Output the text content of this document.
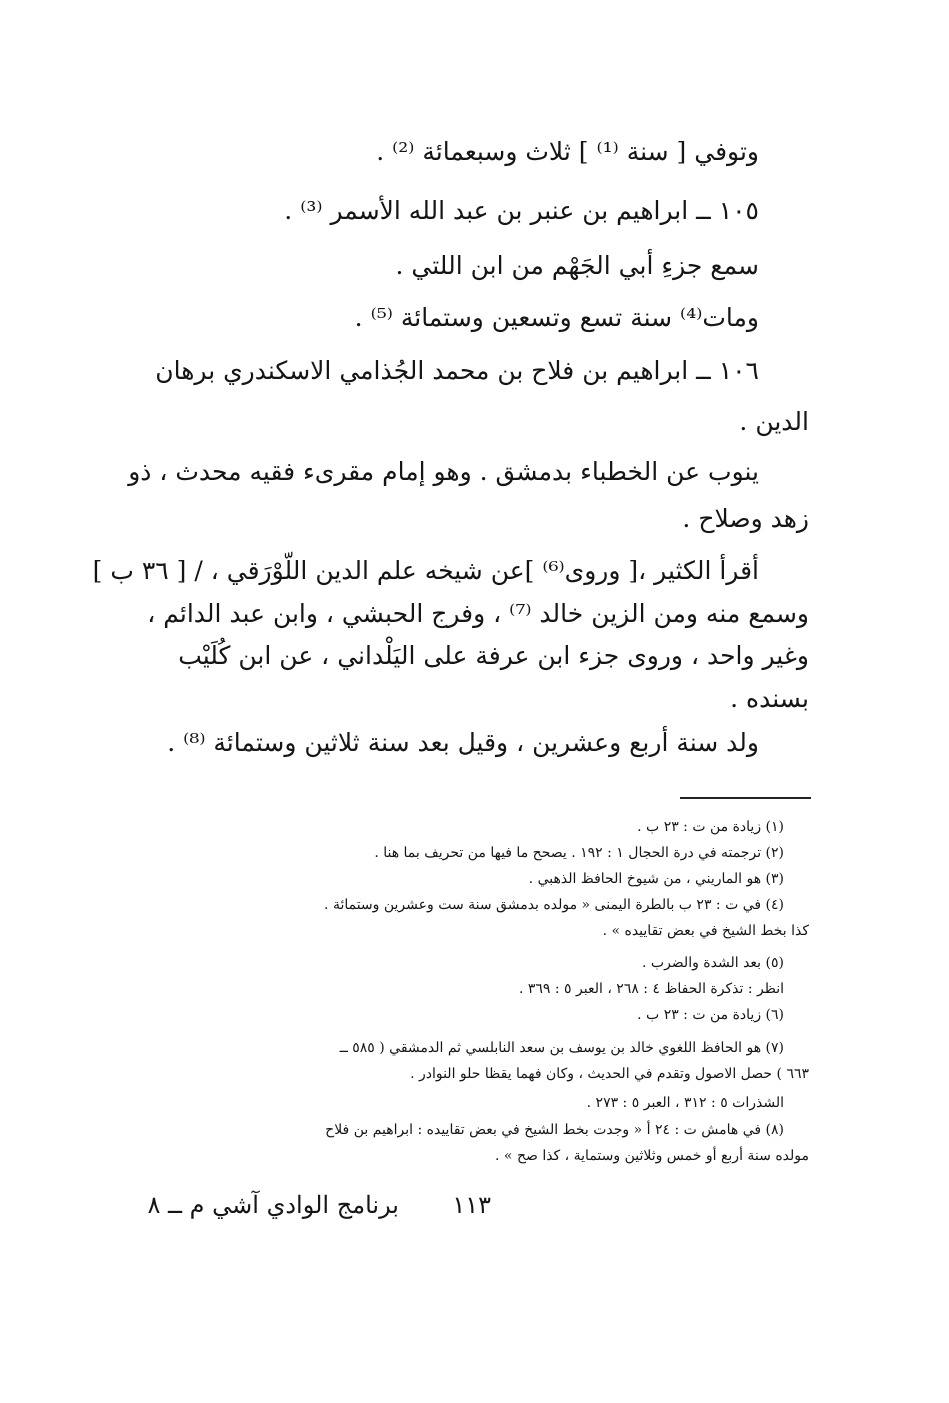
وتوفي [ سنة ⁽¹⁾ ] ثلاث وسبعمائة ⁽²⁾ .

١٠٥ ــ ابراهيم بن عنبر بن عبد الله الأسمر ⁽³⁾ .

سمع جزءِ أبي الجَهْم من ابن اللتي .

ومات⁽⁴⁾ سنة تسع وتسعين وستمائة ⁽⁵⁾ .

١٠٦ ــ ابراهيم بن فلاح بن محمد الجُذامي الاسكندري برهان

الدين .

ينوب عن الخطباء بدمشق . وهو إمام مقرىء فقيه محدث ، ذو

زهد وصلاح .

أقرأ الكثير ،[ وروى⁽⁶⁾ ]عن شيخه علم الدين اللّوْرَقي ، / [ ٣٦ ب ]

وسمع منه ومن الزين خالد ⁽⁷⁾ ، وفرج الحبشي ، وابن عبد الدائم ،

وغير واحد ، وروى جزء ابن عرفة على اليَلْداني ، عن ابن كُلَيْب

بسنده .

ولد سنة أربع وعشرين ، وقيل بعد سنة ثلاثين وستمائة ⁽⁸⁾ .

(١) زيادة من ت : ٢٣ ب .

(٢) ترجمته في درة الحجال ١ : ١٩٢ . يصحح ما فيها من تحريف بما هنا .

(٣) هو الماريني ، من شيوخ الحافظ الذهبي .

(٤) في ت : ٢٣ ب بالطرة اليمنى « مولده بدمشق سنة ست وعشرين وستمائة .

كذا بخط الشيخ في بعض تقاييده » .

(٥) بعد الشدة والضرب .

انظر : تذكرة الحفاظ ٤ : ٢٦٨ ، العبر ٥ : ٣٦٩ .

(٦) زيادة من ت : ٢٣ ب .

(٧) هو الحافظ اللغوي خالد بن يوسف بن سعد النابلسي ثم الدمشقي ( ٥٨٥ ــ

٦٦٣ ) حصل الاصول وتقدم في الحديث ، وكان فهما يقظا حلو النوادر .

الشذرات ٥ : ٣١٢ ، العبر ٥ : ٢٧٣ .

(٨) في هامش ت : ٢٤ أ « وجدت بخط الشيخ في بعض تقاييده : ابراهيم بن فلاح

مولده سنة أربع أو خمس وثلاثين وستماية ، كذا صح » .

١١٣

برنامج الوادي آشي م ــ ٨
